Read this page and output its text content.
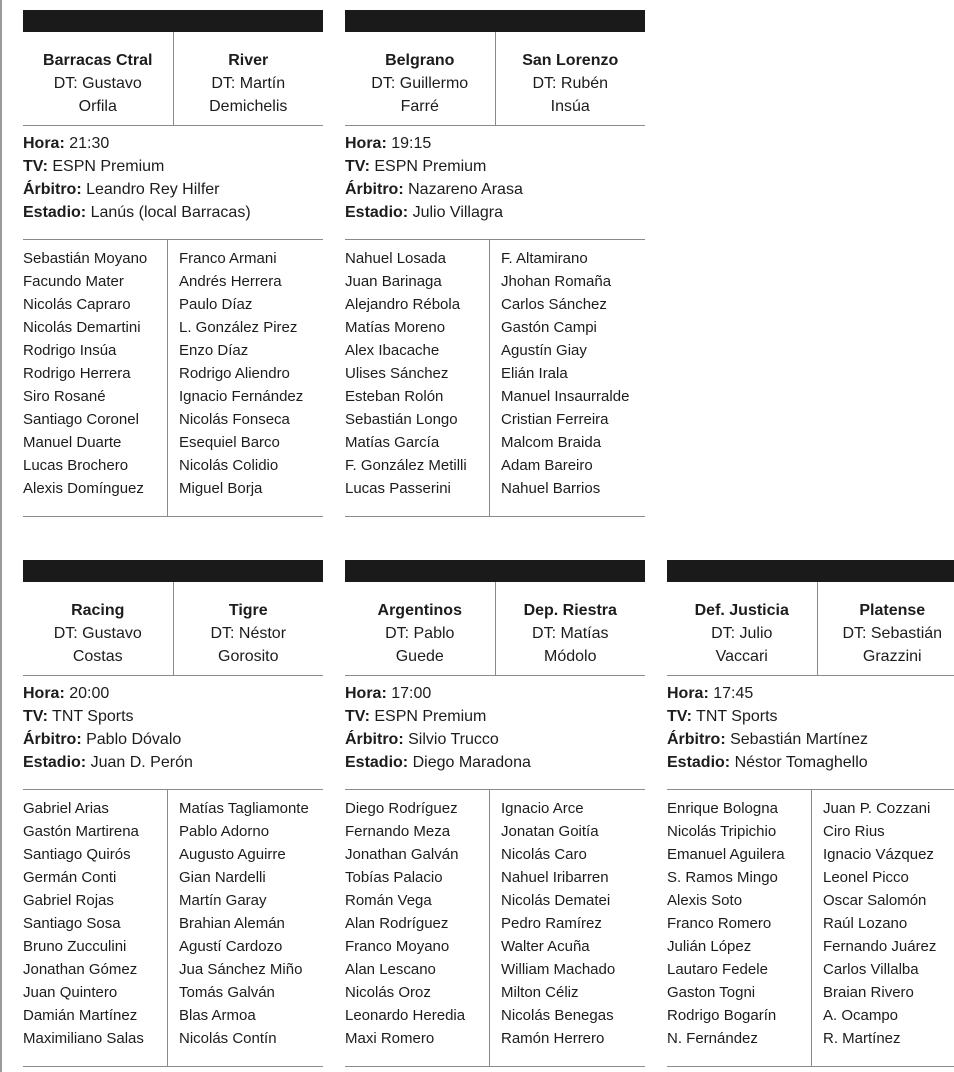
Barracas Ctral
DT: Gustavo
Orfila
River
DT: Martín
Demichelis
Hora: 21:30
TV: ESPN Premium
Árbitro: Leandro Rey Hilfer
Estadio: Lanús (local Barracas)
Sebastián Moyano
Facundo Mater
Nicolás Capraro
Nicolás Demartini
Rodrigo Insúa
Rodrigo Herrera
Siro Rosané
Santiago Coronel
Manuel Duarte
Lucas Brochero
Alexis Domínguez
Franco Armani
Andrés Herrera
Paulo Díaz
L. González Pirez
Enzo Díaz
Rodrigo Aliendro
Ignacio Fernández
Nicolás Fonseca
Esequiel Barco
Nicolás Colidio
Miguel Borja
Belgrano
DT: Guillermo
Farré
San Lorenzo
DT: Rubén
Insúa
Hora: 19:15
TV: ESPN Premium
Árbitro: Nazareno Arasa
Estadio: Julio Villagra
Nahuel Losada
Juan Barinaga
Alejandro Rébola
Matías Moreno
Alex Ibacache
Ulises Sánchez
Esteban Rolón
Sebastián Longo
Matías García
F. González Metilli
Lucas Passerini
F. Altamirano
Jhohan Romaña
Carlos Sánchez
Gastón Campi
Agustín Giay
Elián Irala
Manuel Insaurralde
Cristian Ferreira
Malcom Braida
Adam Bareiro
Nahuel Barrios
Racing
DT: Gustavo
Costas
Tigre
DT: Néstor
Gorosito
Hora: 20:00
TV: TNT Sports
Árbitro: Pablo Dóvalo
Estadio: Juan D. Perón
Gabriel Arias
Gastón Martirena
Santiago Quirós
Germán Conti
Gabriel Rojas
Santiago Sosa
Bruno Zucculini
Jonathan Gómez
Juan Quintero
Damián Martínez
Maximiliano Salas
Matías Tagliamonte
Pablo Adorno
Augusto Aguirre
Gian Nardelli
Martín Garay
Brahian Alemán
Agustí Cardozo
Jua Sánchez Miño
Tomás Galván
Blas Armoa
Nicolás Contín
Argentinos
DT: Pablo
Guede
Dep. Riestra
DT: Matías
Módolo
Hora: 17:00
TV: ESPN Premium
Árbitro: Silvio Trucco
Estadio: Diego Maradona
Diego Rodríguez
Fernando Meza
Jonathan Galván
Tobías Palacio
Román Vega
Alan Rodríguez
Franco Moyano
Alan Lescano
Nicolás Oroz
Leonardo Heredia
Maxi Romero
Ignacio Arce
Jonatan Goitía
Nicolás Caro
Nahuel Iribarren
Nicolás Dematei
Pedro Ramírez
Walter Acuña
William Machado
Milton Céliz
Nicolás Benegas
Ramón Herrero
Def. Justicia
DT: Julio
Vaccari
Platense
DT: Sebastián
Grazzini
Hora: 17:45
TV: TNT Sports
Árbitro: Sebastián Martínez
Estadio: Néstor Tomaghello
Enrique Bologna
Nicolás Tripichio
Emanuel Aguilera
S. Ramos Mingo
Alexis Soto
Franco Romero
Julián López
Lautaro Fedele
Gaston Togni
Rodrigo Bogarín
N. Fernández
Juan P. Cozzani
Ciro Rius
Ignacio Vázquez
Leonel Picco
Oscar Salomón
Raúl Lozano
Fernando Juárez
Carlos Villalba
Braian Rivero
A. Ocampo
R. Martínez
